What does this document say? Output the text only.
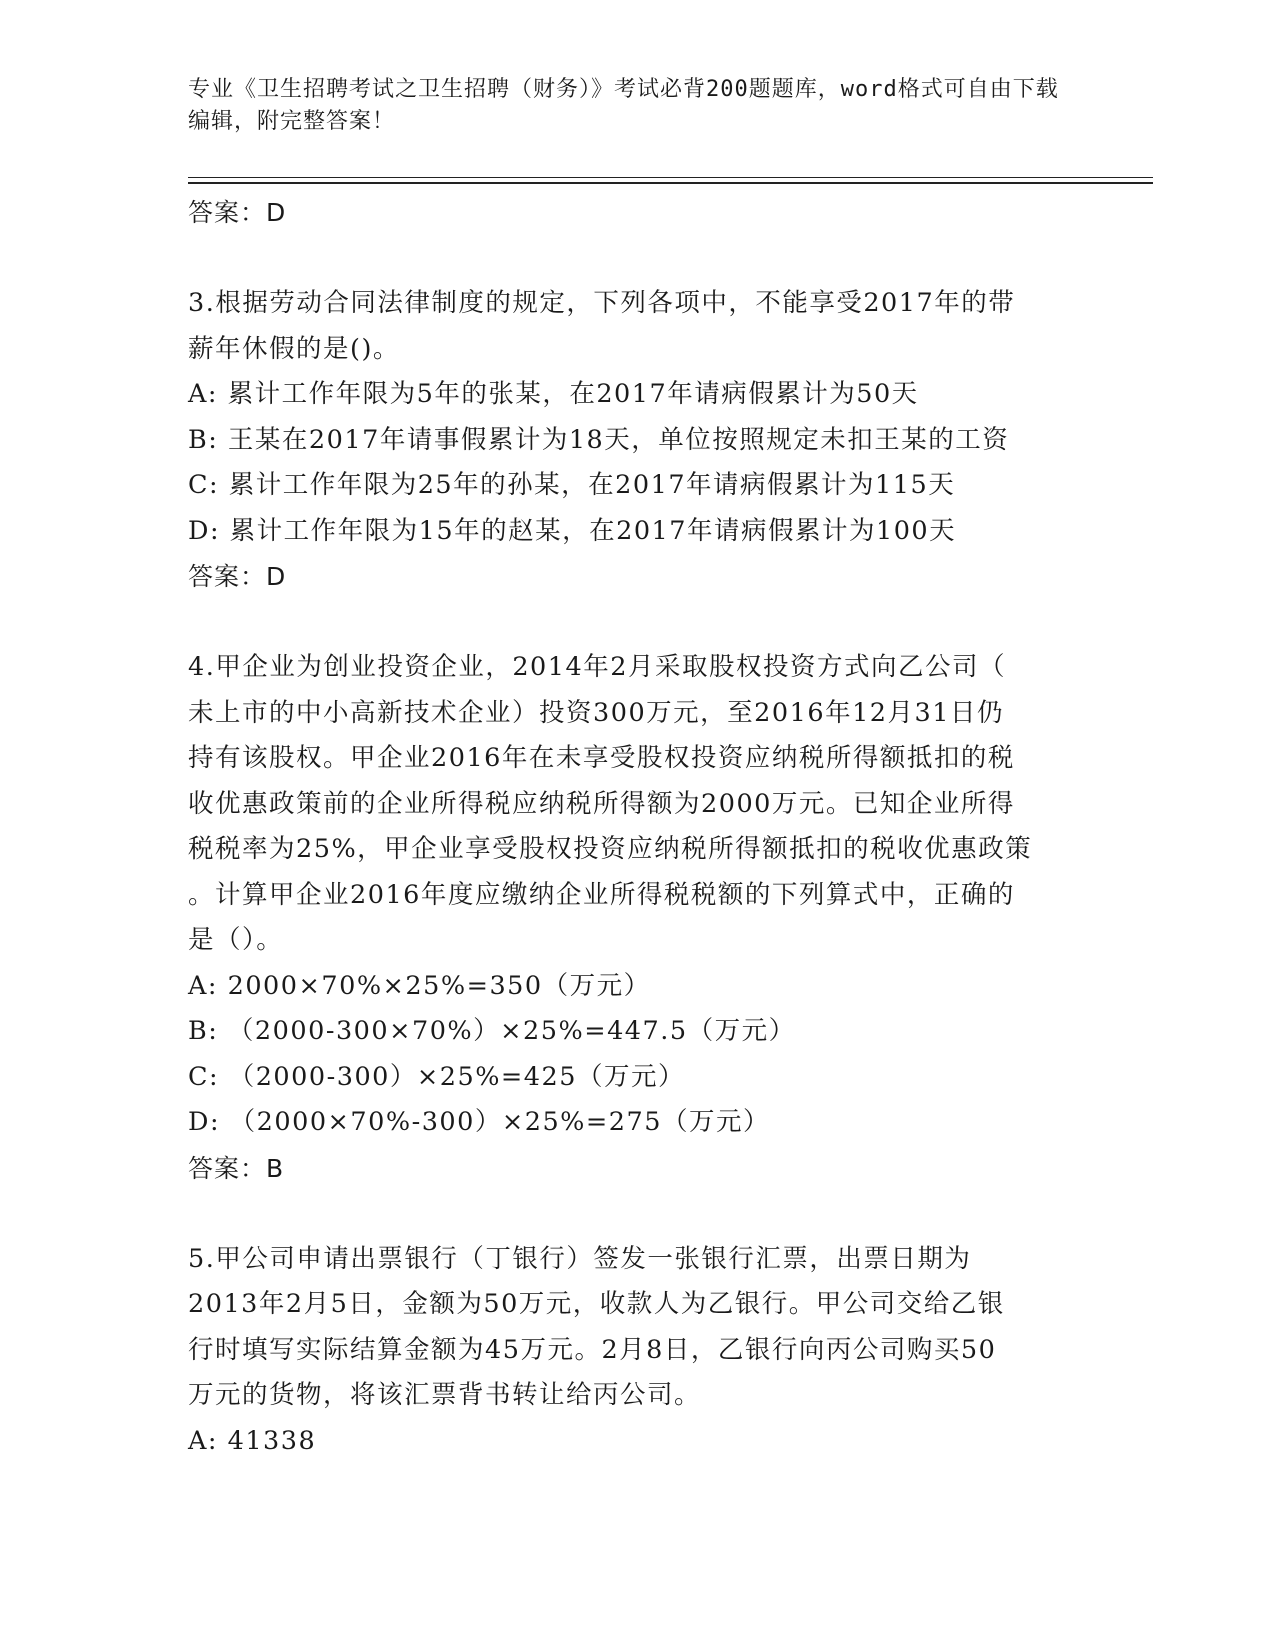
专业《卫生招聘考试之卫生招聘（财务）》考试必背200题题库，word格式可自由下载编辑，附完整答案！

答案：D

3.根据劳动合同法律制度的规定，下列各项中，不能享受2017年的带

薪年休假的是()。

A: 累计工作年限为5年的张某，在2017年请病假累计为50天

B: 王某在2017年请事假累计为18天，单位按照规定未扣王某的工资

C: 累计工作年限为25年的孙某，在2017年请病假累计为115天

D: 累计工作年限为15年的赵某，在2017年请病假累计为100天

答案：D

4.甲企业为创业投资企业，2014年2月采取股权投资方式向乙公司（

未上市的中小高新技术企业）投资300万元，至2016年12月31日仍

持有该股权。甲企业2016年在未享受股权投资应纳税所得额抵扣的税

收优惠政策前的企业所得税应纳税所得额为2000万元。已知企业所得

税税率为25%，甲企业享受股权投资应纳税所得额抵扣的税收优惠政策

。计算甲企业2016年度应缴纳企业所得税税额的下列算式中，正确的

是（）。

A: 2000×70%×25%=350（万元）

B: （2000-300×70%）×25%=447.5（万元）

C: （2000-300）×25%=425（万元）

D: （2000×70%-300）×25%=275（万元）

答案：B

5.甲公司申请出票银行（丁银行）签发一张银行汇票，出票日期为

2013年2月5日，金额为50万元，收款人为乙银行。甲公司交给乙银

行时填写实际结算金额为45万元。2月8日，乙银行向丙公司购买50

万元的货物，将该汇票背书转让给丙公司。

A: 41338
